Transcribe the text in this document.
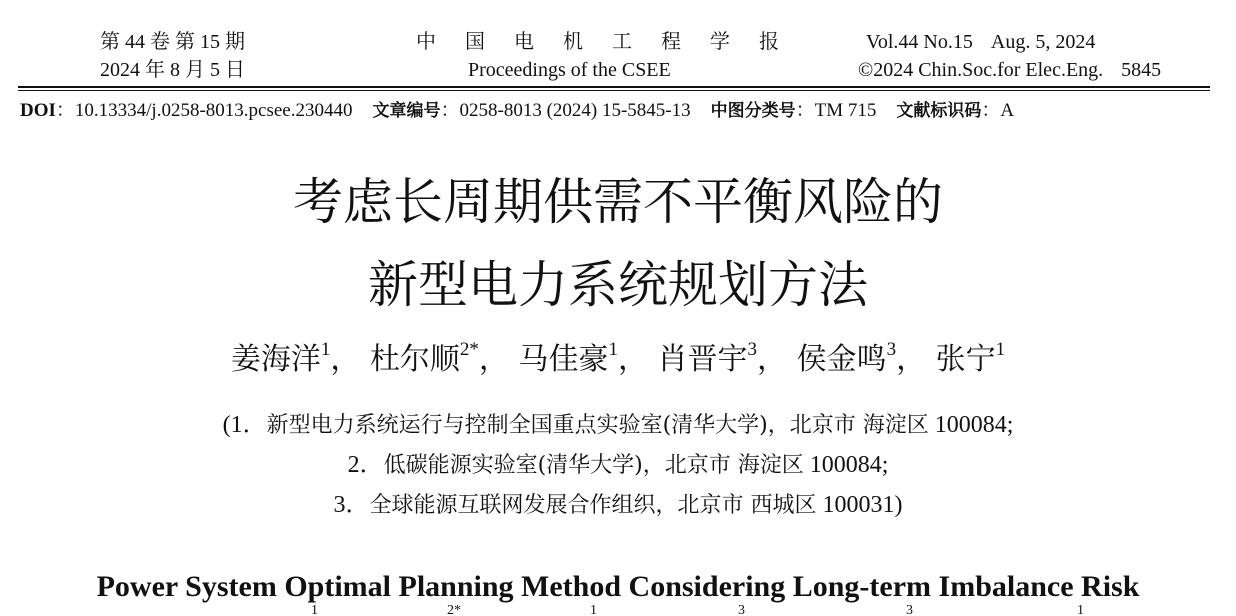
第 44 卷 第 15 期
2024 年 8 月 5 日
中 国 电 机 工 程 学 报
Proceedings of the CSEE
Vol.44 No.15 Aug. 5, 2024
©2024 Chin.Soc.for Elec.Eng. 5845
DOI：10.13334/j.0258-8013.pcsee.230440 文章编号：0258-8013 (2024) 15-5845-13 中图分类号：TM 715 文献标识码：A
考虑长周期供需不平衡风险的
新型电力系统规划方法
姜海洋$^1$， 杜尔顺$^{2*}$， 马佳豪$^1$， 肖晋宇$^3$， 侯金鸣$^3$， 张宁$^1$
(1．新型电力系统运行与控制全国重点实验室(清华大学)，北京市 海淀区 100084;
2．低碳能源实验室(清华大学)，北京市 海淀区 100084;
3．全球能源互联网发展合作组织，北京市 西城区 100031)
Power System Optimal Planning Method Considering Long-term Imbalance Risk
1	2*	1	3	3	1
